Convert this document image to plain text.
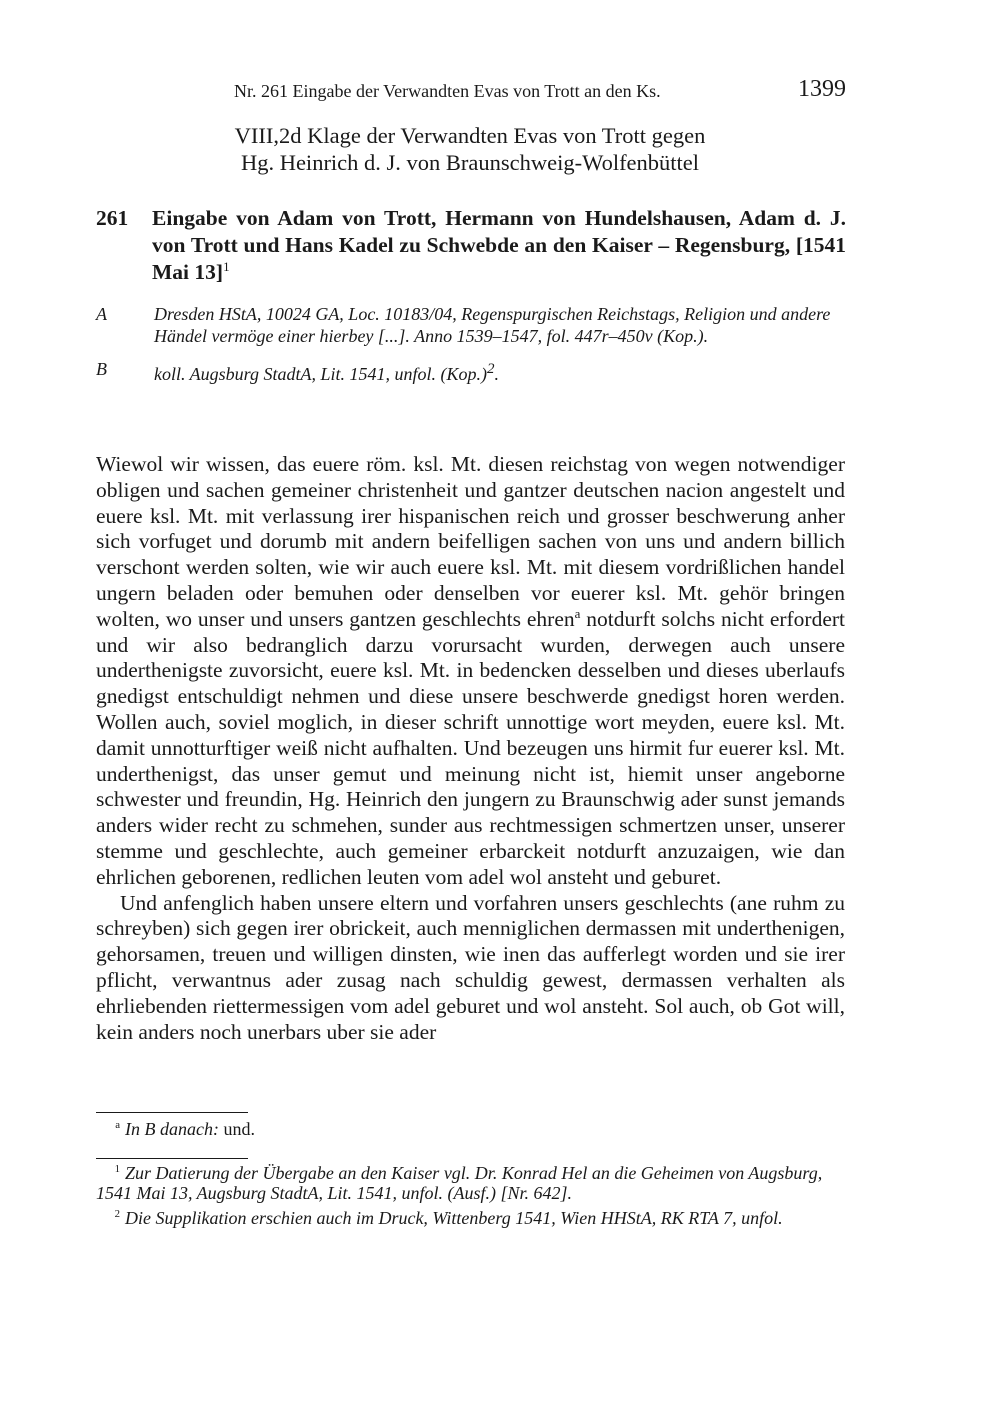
Nr. 261 Eingabe der Verwandten Evas von Trott an den Ks.	1399
VIII,2d Klage der Verwandten Evas von Trott gegen
Hg. Heinrich d. J. von Braunschweig-Wolfenbüttel
261 Eingabe von Adam von Trott, Hermann von Hundelshausen, Adam d. J. von Trott und Hans Kadel zu Schwebde an den Kaiser – Regensburg, [1541 Mai 13]$^1$
A	Dresden HStA, 10024 GA, Loc. 10183/04, Regenspurgischen Reichstags, Religion und andere Händel vermöge einer hierbey [...]. Anno 1539–1547, fol. 447r–450v (Kop.).
B	koll. Augsburg StadtA, Lit. 1541, unfol. $(Kop.)^2$.

Wiewol wir wissen, das euere röm. ksl. Mt. diesen reichstag von wegen notwendiger obligen und sachen gemeiner christenheit und gantzer deutschen nacion angestelt und euere ksl. Mt. mit verlassung irer hispanischen reich und grosser beschwerung anher sich vorfuget und dorumb mit andern beifelligen sachen von uns und andern billich verschont werden solten, wie wir auch euere ksl. Mt. mit diesem vordrißlichen handel ungern beladen oder bemuhen oder denselben vor euerer ksl. Mt. gehör bringen wolten, wo unser und unsers gantzen geschlechts ehren$^a$ notdurft solchs nicht erfordert und wir also bedranglich darzu vorursacht wurden, derwegen auch unsere underthenigste zuvorsicht, euere ksl. Mt. in bedencken desselben und dieses uberlaufs gnedigst entschuldigt nehmen und diese unsere beschwerde gnedigst horen werden. Wollen auch, soviel moglich, in dieser schrift unnottige wort meyden, euere ksl. Mt. damit unnotturftiger weiß nicht aufhalten. Und bezeugen uns hirmit fur euerer ksl. Mt. underthenigst, das unser gemut und meinung nicht ist, hiemit unser angeborne schwester und freundin, Hg. Heinrich den jungern zu Braunschwig ader sunst jemands anders wider recht zu schmehen, sunder aus rechtmessigen schmertzen unser, unserer stemme und geschlechte, auch gemeiner erbarckeit notdurft anzuzaigen, wie dan ehrlichen geborenen, redlichen leuten vom adel wol ansteht und geburet.

Und anfenglich haben unsere eltern und vorfahren unsers geschlechts (ane ruhm zu schreyben) sich gegen irer obrickeit, auch menniglichen dermassen mit underthenigen, gehorsamen, treuen und willigen dinsten, wie inen das aufferlegt worden und sie irer pflicht, verwantnus ader zusag nach schuldig gewest, dermassen verhalten als ehrliebenden riettermessigen vom adel geburet und wol ansteht. Sol auch, ob Got will, kein anders noch unerbars uber sie ader

$^a$ In B danach: und.
$^1$ Zur Datierung der Übergabe an den Kaiser vgl. Dr. Konrad Hel an die Geheimen von Augsburg, 1541 Mai 13, Augsburg StadtA, Lit. 1541, unfol. (Ausf.) [Nr. 642].
$^2$ Die Supplikation erschien auch im Druck, Wittenberg 1541, Wien HHStA, RK RTA 7, unfol.
